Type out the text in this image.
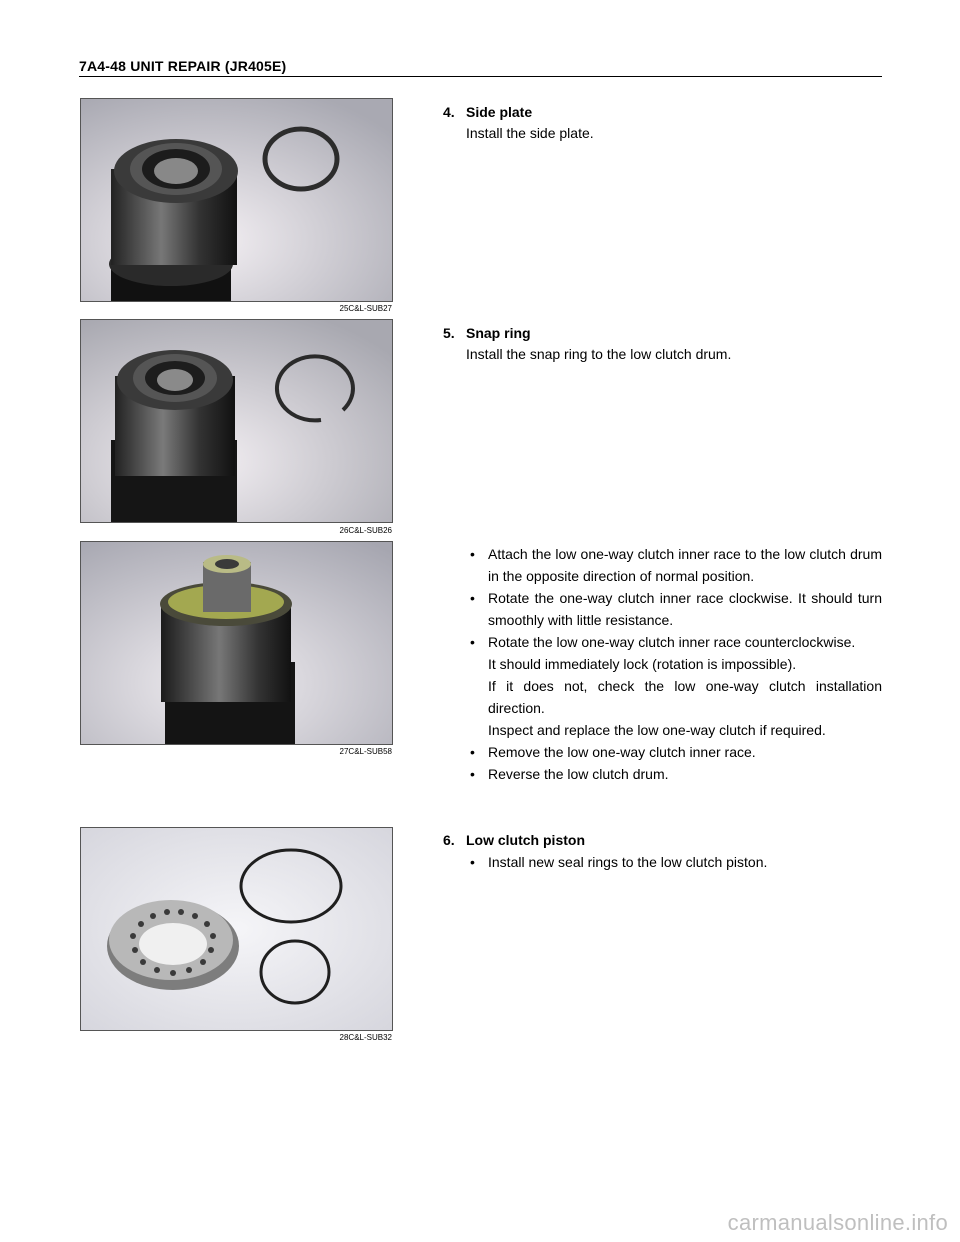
7A4-48 UNIT REPAIR (JR405E)
25C&L-SUB27
4. Side plate
Install the side plate.
26C&L-SUB26
5. Snap ring
Install the snap ring to the low clutch drum.
27C&L-SUB58
• Attach the low one-way clutch inner race to the low clutch drum in the opposite direction of normal position.
• Rotate the one-way clutch inner race clockwise. It should turn smoothly with little resistance.
• Rotate the low one-way clutch inner race counterclockwise.
It should immediately lock (rotation is impossible).
If it does not, check the low one-way clutch installation direction.
Inspect and replace the low one-way clutch if required.
• Remove the low one-way clutch inner race.
• Reverse the low clutch drum.
28C&L-SUB32
6. Low clutch piston
• Install new seal rings to the low clutch piston.
carmanualsonline.info
